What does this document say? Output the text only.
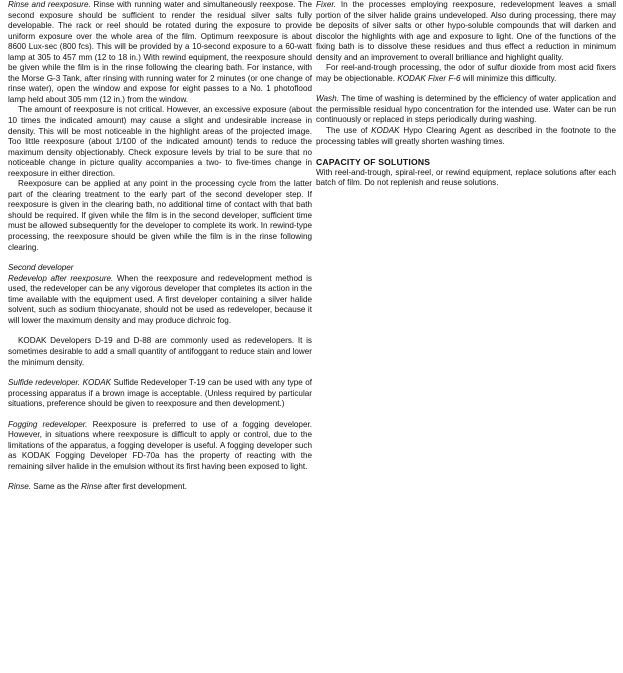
Rinse and reexposure. Rinse with running water and simultaneously reexpose. The second exposure should be sufficient to render the residual silver salts fully developable. The rack or reel should be rotated during the exposure to provide uniform exposure over the whole area of the film. Optimum reexposure is about 8600 Lux-sec (800 fcs). This will be provided by a 10-second exposure to a 60-watt lamp at 305 to 457 mm (12 to 18 in.) With rewind equipment, the reexposure should be given while the film is in the rinse following the clearing bath. For instance, with the Morse G-3 Tank, after rinsing with running water for 2 minutes (or one change of rinse water), open the window and expose for eight passes to a No. 1 photoflood lamp held about 305 mm (12 in.) from the window.

The amount of reexposure is not critical. However, an excessive exposure (about 10 times the indicated amount) may cause a slight and undesirable increase in density. This will be most noticeable in the highlight areas of the projected image. Too little reexposure (about 1/100 of the indicated amount) tends to reduce the maximum density objectionably. Check exposure levels by trial to be sure that no noticeable change in picture quality accompanies a two- to five-times change in reexposure in either direction.

Reexposure can be applied at any point in the processing cycle from the latter part of the clearing treatment to the early part of the second developer step. If reexposure is given in the clearing bath, no additional time of contact with that bath should be required. If given while the film is in the second developer, sufficient time must be allowed subsequently for the developer to complete its work. In rewind-type processing, the reexposure should be given while the film is in the rinse following clearing.

Second developer

Redevelop after reexposure. When the reexposure and redevelopment method is used, the redeveloper can be any vigorous developer that completes its action in the time available with the equipment used. A first developer containing a silver halide solvent, such as sodium thiocyanate, should not be used as redeveloper, because it will lower the maximum density and may produce dichroic fog.

KODAK Developers D-19 and D-88 are commonly used as redevelopers. It is sometimes desirable to add a small quantity of antifoggant to reduce stain and lower the minimum density.

Sulfide redeveloper. KODAK Sulfide Redeveloper T-19 can be used with any type of processing apparatus if a brown image is acceptable. (Unless required by particular situations, preference should be given to reexposure and then development.)

Fogging redeveloper. Reexposure is preferred to use of a fogging developer. However, in situations where reexposure is difficult to apply or control, due to the limitations of the apparatus, a fogging developer is useful. A fogging developer such as KODAK Fogging Developer FD-70a has the property of reacting with the remaining silver halide in the emulsion without its first having been exposed to light.

Rinse. Same as the Rinse after first development.

Fixer. In the processes employing reexposure, redevelopment leaves a small portion of the silver halide grains undeveloped. Also during processing, there may be deposits of silver salts or other hypo-soluble compounds that will darken and discolor the highlights with age and exposure to light. One of the functions of the fixing bath is to dissolve these residues and thus effect a reduction in minimum density and an improvement to overall brilliance and highlight quality.

For reel-and-trough processing, the odor of sulfur dioxide from most acid fixers may be objectionable. KODAK Fixer F-6 will minimize this difficulty.

Wash. The time of washing is determined by the efficiency of water application and the permissible residual hypo concentration for the intended use. Water can be run continuously or replaced in steps periodically during washing.

The use of KODAK Hypo Clearing Agent as described in the footnote to the processing tables will greatly shorten washing times.

CAPACITY OF SOLUTIONS

With reel-and-trough, spiral-reel, or rewind equipment, replace solutions after each batch of film. Do not replenish and reuse solutions.
